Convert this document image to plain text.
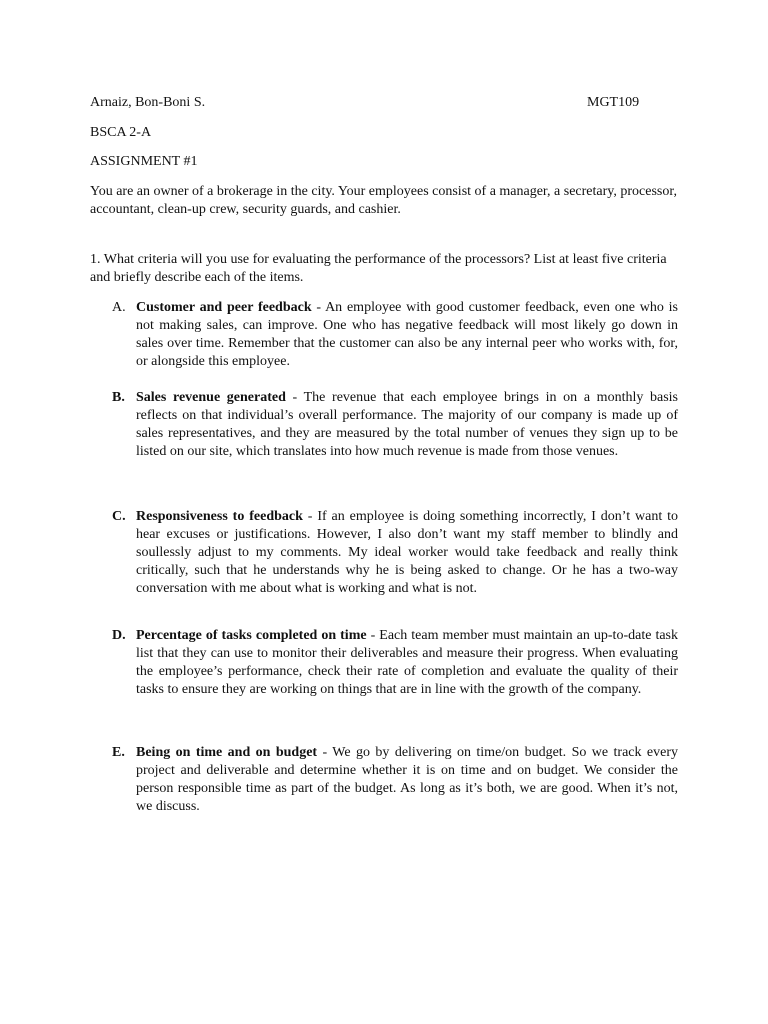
Arnaiz, Bon-Boni S.	MGT109
BSCA 2-A
ASSIGNMENT #1
You are an owner of a brokerage in the city. Your employees consist of a manager, a secretary, processor, accountant, clean-up crew, security guards, and cashier.
1. What criteria will you use for evaluating the performance of the processors? List at least five criteria and briefly describe each of the items.
A. Customer and peer feedback - An employee with good customer feedback, even one who is not making sales, can improve. One who has negative feedback will most likely go down in sales over time. Remember that the customer can also be any internal peer who works with, for, or alongside this employee.
B. Sales revenue generated - The revenue that each employee brings in on a monthly basis reflects on that individual’s overall performance. The majority of our company is made up of sales representatives, and they are measured by the total number of venues they sign up to be listed on our site, which translates into how much revenue is made from those venues.
C. Responsiveness to feedback - If an employee is doing something incorrectly, I don’t want to hear excuses or justifications. However, I also don’t want my staff member to blindly and soullessly adjust to my comments. My ideal worker would take feedback and really think critically, such that he understands why he is being asked to change. Or he has a two-way conversation with me about what is working and what is not.
D. Percentage of tasks completed on time - Each team member must maintain an up-to-date task list that they can use to monitor their deliverables and measure their progress. When evaluating the employee’s performance, check their rate of completion and evaluate the quality of their tasks to ensure they are working on things that are in line with the growth of the company.
E. Being on time and on budget - We go by delivering on time/on budget. So we track every project and deliverable and determine whether it is on time and on budget. We consider the person responsible time as part of the budget. As long as it’s both, we are good. When it’s not, we discuss.
